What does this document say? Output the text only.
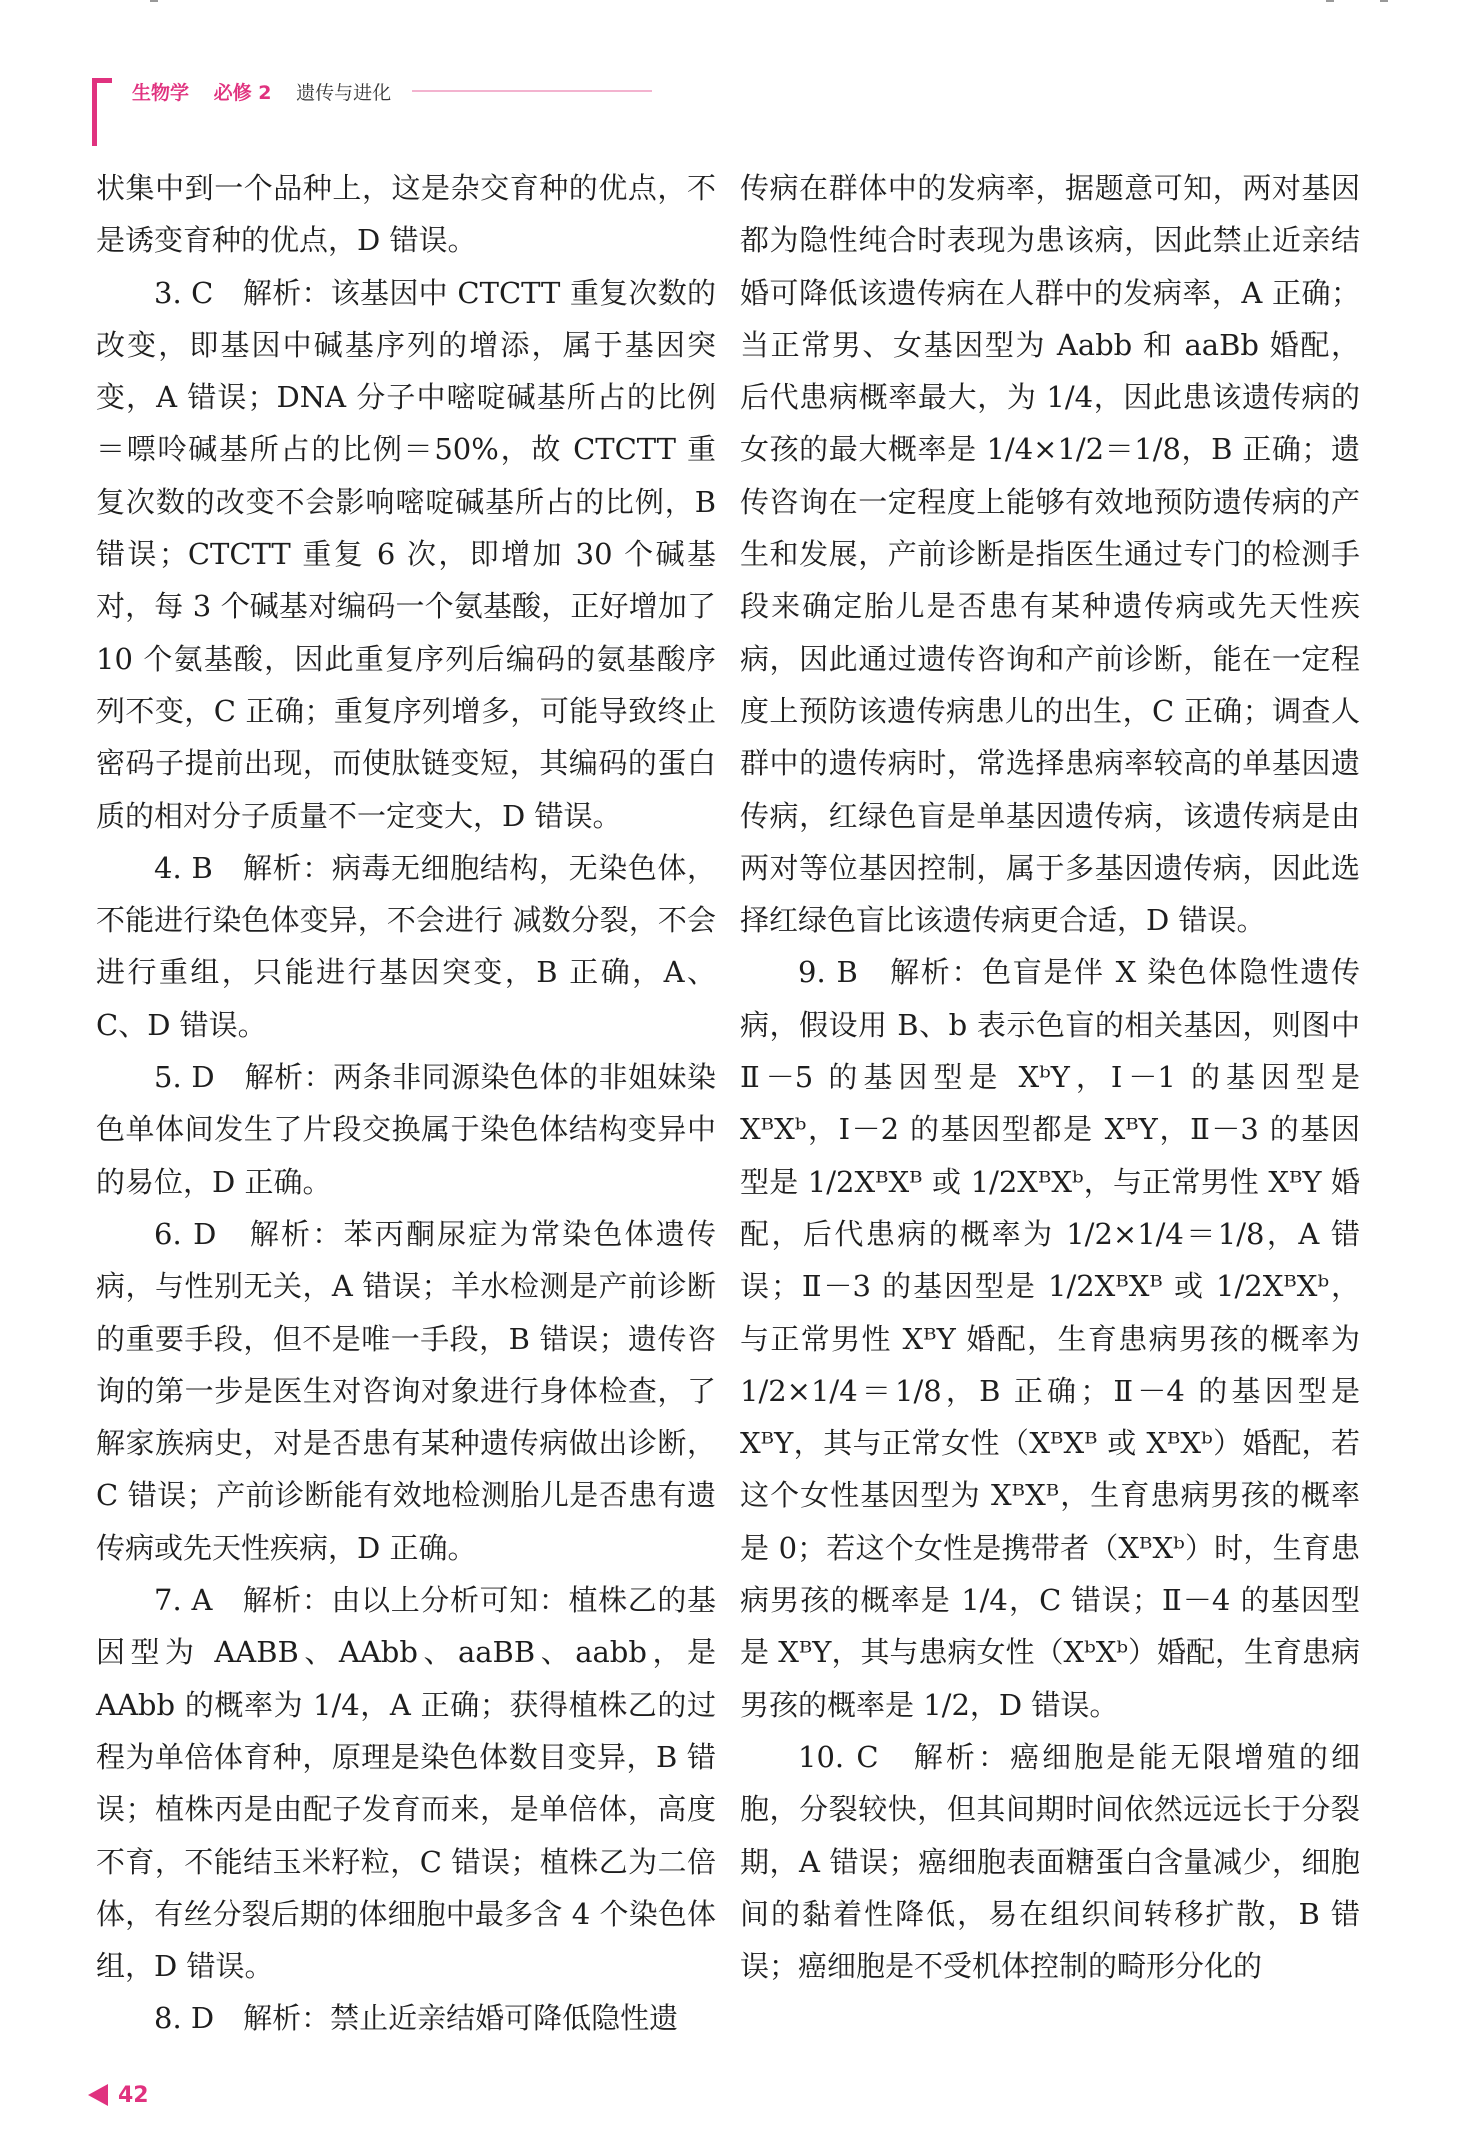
生物学 必修 2 遗传与进化

状集中到一个品种上，这是杂交育种的优点，不是诱变育种的优点，D 错误。

3. C　解析：该基因中 CTCTT 重复次数的改变，即基因中碱基序列的增添，属于基因突变，A 错误；DNA 分子中嘧啶碱基所占的比例＝嘌呤碱基所占的比例＝50%，故 CTCTT 重复次数的改变不会影响嘧啶碱基所占的比例，B 错误；CTCTT 重复 6 次，即增加 30 个碱基对，每 3 个碱基对编码一个氨基酸，正好增加了 10 个氨基酸，因此重复序列后编码的氨基酸序列不变，C 正确；重复序列增多，可能导致终止密码子提前出现，而使肽链变短，其编码的蛋白质的相对分子质量不一定变大，D 错误。

4. B　解析：病毒无细胞结构，无染色体，不能进行染色体变异，不会进行 减数分裂，不会进行重组，只能进行基因突变，B 正确，A、C、D 错误。

5. D　解析：两条非同源染色体的非姐妹染色单体间发生了片段交换属于染色体结构变异中的易位，D 正确。

6. D　解析：苯丙酮尿症为常染色体遗传病，与性别无关，A 错误；羊水检测是产前诊断的重要手段，但不是唯一手段，B 错误；遗传咨询的第一步是医生对咨询对象进行身体检查，了解家族病史，对是否患有某种遗传病做出诊断，C 错误；产前诊断能有效地检测胎儿是否患有遗传病或先天性疾病，D 正确。

7. A　解析：由以上分析可知：植株乙的基因型为 AABB、AAbb、aaBB、aabb，是 AAbb 的概率为 1/4，A 正确；获得植株乙的过程为单倍体育种，原理是染色体数目变异，B 错误；植株丙是由配子发育而来，是单倍体，高度不育，不能结玉米籽粒，C 错误；植株乙为二倍体，有丝分裂后期的体细胞中最多含 4 个染色体组，D 错误。

8. D　解析：禁止近亲结婚可降低隐性遗

传病在群体中的发病率，据题意可知，两对基因都为隐性纯合时表现为患该病，因此禁止近亲结婚可降低该遗传病在人群中的发病率，A 正确；当正常男、女基因型为 Aabb 和 aaBb 婚配，后代患病概率最大，为 1/4，因此患该遗传病的女孩的最大概率是 1/4×1/2＝1/8，B 正确；遗传咨询在一定程度上能够有效地预防遗传病的产生和发展，产前诊断是指医生通过专门的检测手段来确定胎儿是否患有某种遗传病或先天性疾病，因此通过遗传咨询和产前诊断，能在一定程度上预防该遗传病患儿的出生，C 正确；调查人群中的遗传病时，常选择患病率较高的单基因遗传病，红绿色盲是单基因遗传病，该遗传病是由两对等位基因控制，属于多基因遗传病，因此选择红绿色盲比该遗传病更合适，D 错误。

9. B　解析：色盲是伴 X 染色体隐性遗传病，假设用 B、b 表示色盲的相关基因，则图中 Ⅱ－5 的基因型是 XᵇY，Ⅰ－1 的基因型是 XᴮXᵇ，Ⅰ－2 的基因型都是 XᴮY，Ⅱ－3 的基因型是 1/2XᴮXᴮ 或 1/2XᴮXᵇ，与正常男性 XᴮY 婚配，后代患病的概率为 1/2×1/4＝1/8，A 错误；Ⅱ－3 的基因型是 1/2XᴮXᴮ 或 1/2XᴮXᵇ，与正常男性 XᴮY 婚配，生育患病男孩的概率为 1/2×1/4＝1/8，B 正确；Ⅱ－4 的基因型是 XᴮY，其与正常女性（XᴮXᴮ 或 XᴮXᵇ）婚配，若这个女性基因型为 XᴮXᴮ，生育患病男孩的概率是 0；若这个女性是携带者（XᴮXᵇ）时，生育患病男孩的概率是 1/4，C 错误；Ⅱ－4 的基因型是 XᴮY，其与患病女性（XᵇXᵇ）婚配，生育患病男孩的概率是 1/2，D 错误。

10. C　解析：癌细胞是能无限增殖的细胞，分裂较快，但其间期时间依然远远长于分裂期，A 错误；癌细胞表面糖蛋白含量减少，细胞间的黏着性降低，易在组织间转移扩散，B 错误；癌细胞是不受机体控制的畸形分化的

42
